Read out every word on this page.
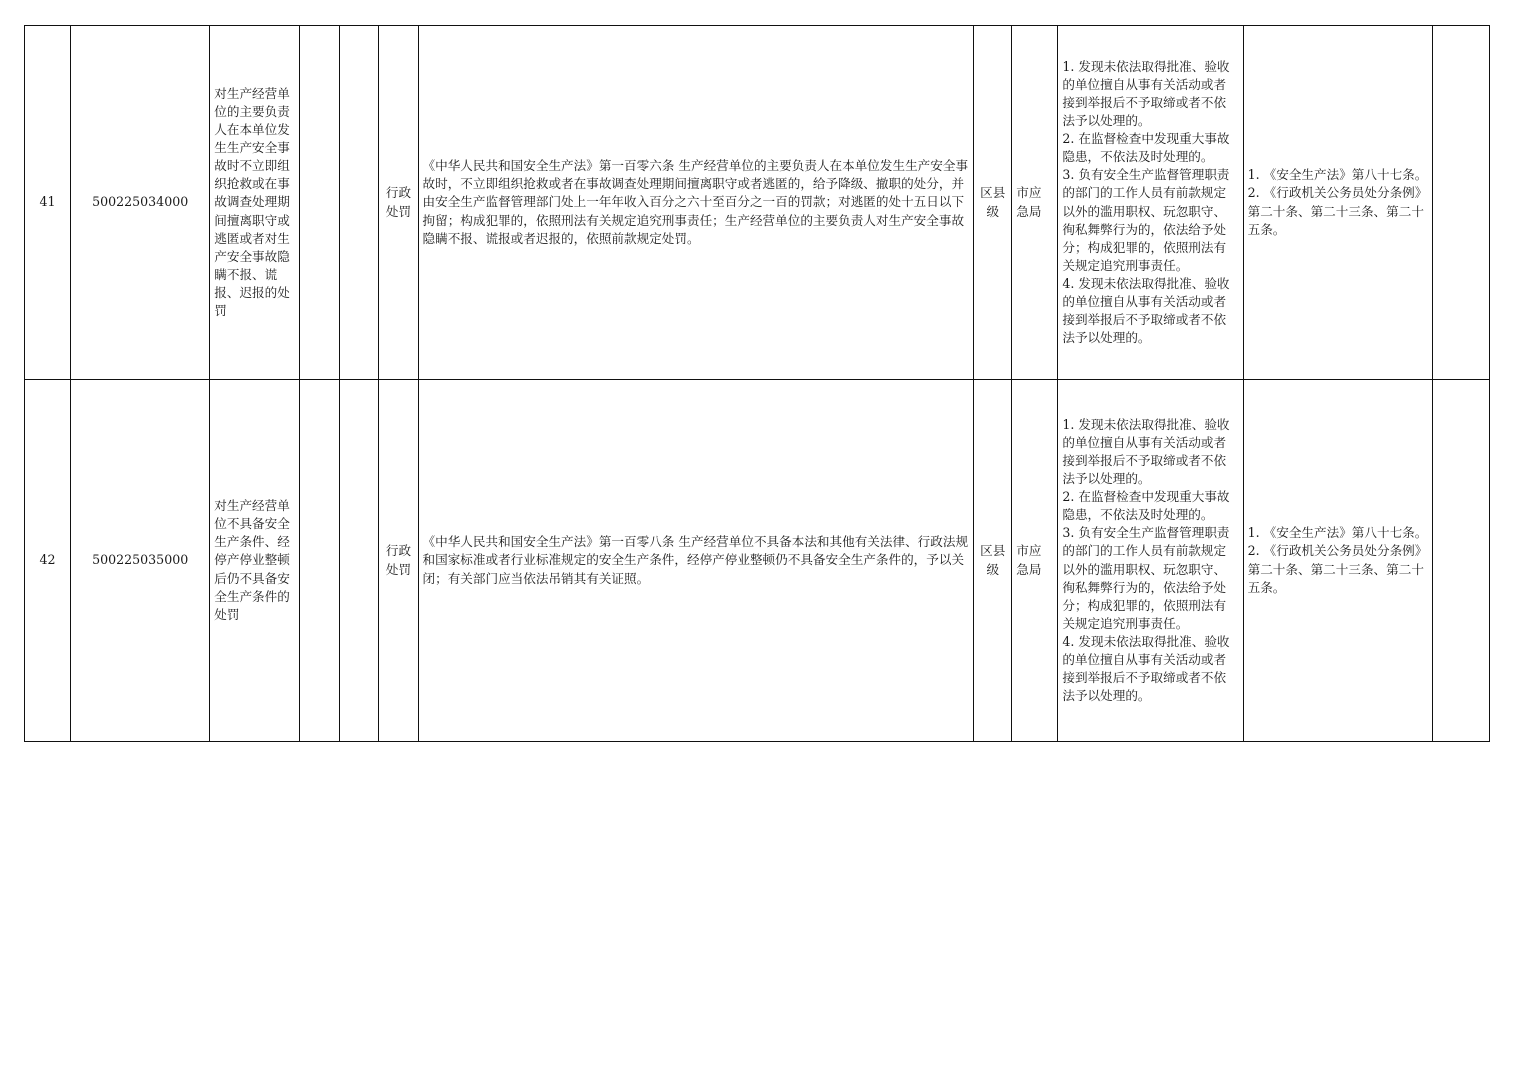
41	500225034000	对生产经营单位的主要负责人在本单位发生生产安全事故时不立即组织抢救或在事故调查处理期间擅离职守或逃匿或者对生产安全事故隐瞒不报、谎报、迟报的处罚			行政处罚	《中华人民共和国安全生产法》第一百零六条 生产经营单位的主要负责人在本单位发生生产安全事故时，不立即组织抢救或者在事故调查处理期间擅离职守或者逃匿的，给予降级、撤职的处分，并由安全生产监督管理部门处上一年年收入百分之六十至百分之一百的罚款；对逃匿的处十五日以下拘留；构成犯罪的，依照刑法有关规定追究刑事责任；生产经营单位的主要负责人对生产安全事故隐瞒不报、谎报或者迟报的，依照前款规定处罚。	区县级	市应急局	1. 发现未依法取得批准、验收的单位擅自从事有关活动或者接到举报后不予取缔或者不依法予以处理的。
2. 在监督检查中发现重大事故隐患，不依法及时处理的。
3. 负有安全生产监督管理职责的部门的工作人员有前款规定以外的滥用职权、玩忽职守、徇私舞弊行为的，依法给予处分；构成犯罪的，依照刑法有关规定追究刑事责任。
4. 发现未依法取得批准、验收的单位擅自从事有关活动或者接到举报后不予取缔或者不依法予以处理的。	1. 《安全生产法》第八十七条。
2. 《行政机关公务员处分条例》第二十条、第二十三条、第二十五条。	
42	500225035000	对生产经营单位不具备安全生产条件、经停产停业整顿后仍不具备安全生产条件的处罚			行政处罚	《中华人民共和国安全生产法》第一百零八条 生产经营单位不具备本法和其他有关法律、行政法规和国家标准或者行业标准规定的安全生产条件，经停产停业整顿仍不具备安全生产条件的，予以关闭；有关部门应当依法吊销其有关证照。	区县级	市应急局	1. 发现未依法取得批准、验收的单位擅自从事有关活动或者接到举报后不予取缔或者不依法予以处理的。
2. 在监督检查中发现重大事故隐患，不依法及时处理的。
3. 负有安全生产监督管理职责的部门的工作人员有前款规定以外的滥用职权、玩忽职守、徇私舞弊行为的，依法给予处分；构成犯罪的，依照刑法有关规定追究刑事责任。
4. 发现未依法取得批准、验收的单位擅自从事有关活动或者接到举报后不予取缔或者不依法予以处理的。	1. 《安全生产法》第八十七条。
2. 《行政机关公务员处分条例》第二十条、第二十三条、第二十五条。	
